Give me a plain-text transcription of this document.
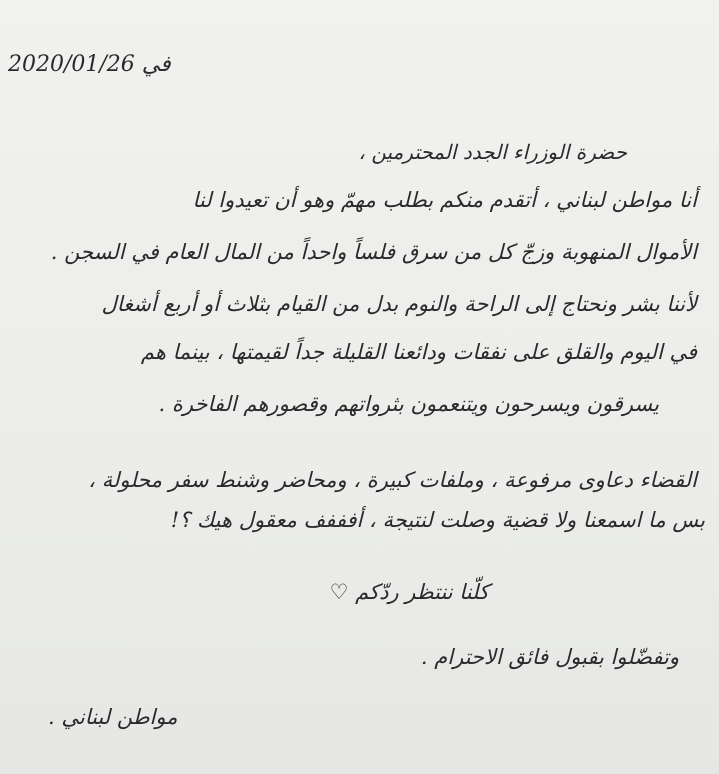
في 2020/01/26
حضرة الوزراء الجدد المحترمين ،
أنا مواطن لبناني ، أتقدم منكم بطلب مهمّ وهو أن تعيدوا لنا
الأموال المنهوبة وزجّ كل من سرق فلساً واحداً من المال العام في السجن .
لأننا بشر ونحتاج إلى الراحة والنوم بدل من القيام بثلاث أو أربع أشغال
في اليوم والقلق على نفقات ودائعنا القليلة جداً لقيمتها ، بينما هم
يسرقون ويسرحون ويتنعمون بثرواتهم وقصورهم الفاخرة .
القضاء دعاوى مرفوعة ، وملفات كبيرة ، ومحاضر وشنط سفر محلولة ،
بس ما اسمعنا ولا قضية وصلت لنتيجة ، أفففف معقول هيك ؟!
كلّنا ننتظر ردّكم ♡
وتفضّلوا بقبول فائق الاحترام .
مواطن لبناني .
